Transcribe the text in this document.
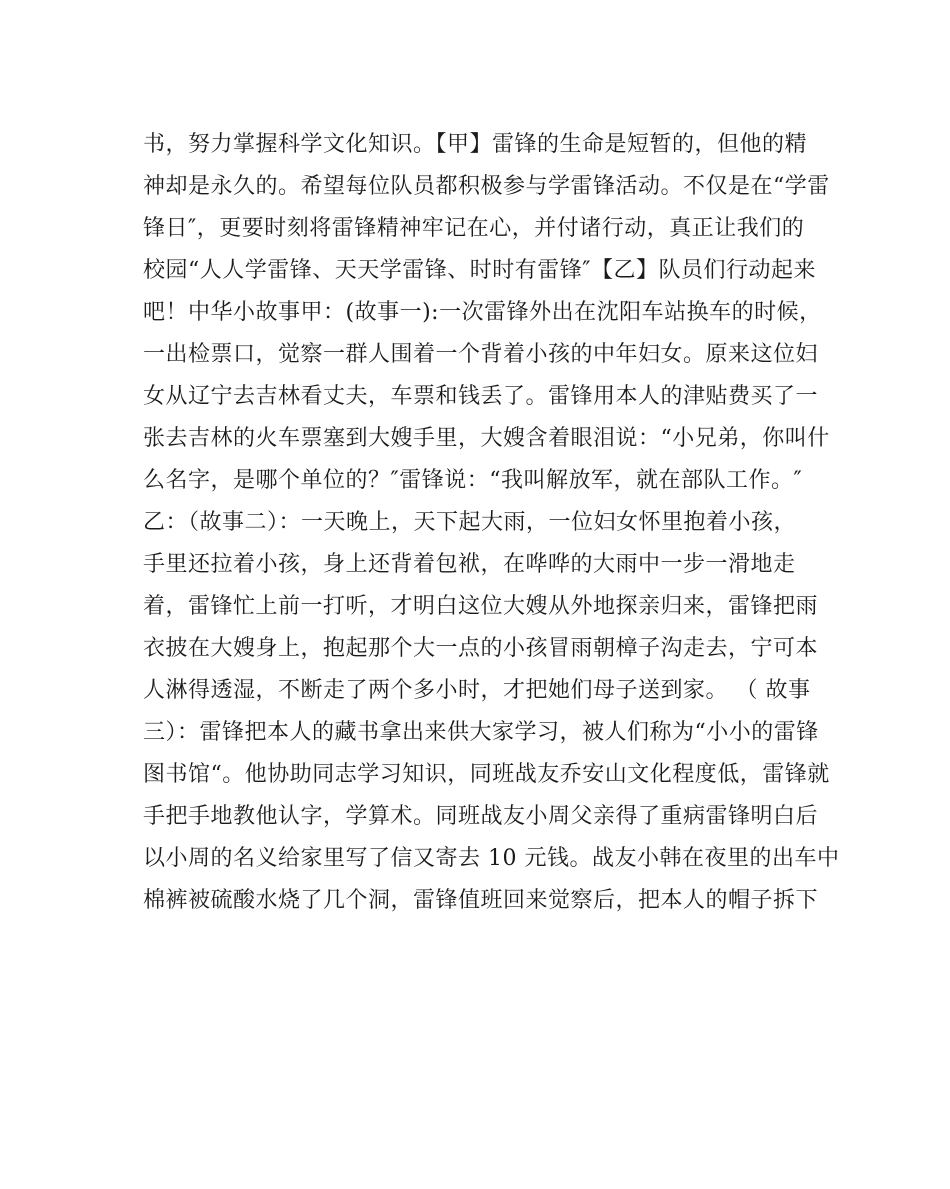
书，努力掌握科学文化知识。【甲】雷锋的生命是短暂的，但他的精
神却是永久的。希望每位队员都积极参与学雷锋活动。不仅是在“学雷
锋日″，更要时刻将雷锋精神牢记在心，并付诸行动，真正让我们的
校园“人人学雷锋、天天学雷锋、时时有雷锋″【乙】队员们行动起来
吧！中华小故事甲：(故事一):一次雷锋外出在沈阳车站换车的时候，
一出检票口，觉察一群人围着一个背着小孩的中年妇女。原来这位妇
女从辽宁去吉林看丈夫，车票和钱丢了。雷锋用本人的津贴费买了一
张去吉林的火车票塞到大嫂手里，大嫂含着眼泪说：“小兄弟，你叫什
么名字，是哪个单位的？″雷锋说：“我叫解放军，就在部队工作。″
乙：（故事二）：一天晚上，天下起大雨，一位妇女怀里抱着小孩，
手里还拉着小孩，身上还背着包袱，在哗哗的大雨中一步一滑地走
着，雷锋忙上前一打听，才明白这位大嫂从外地探亲归来，雷锋把雨
衣披在大嫂身上，抱起那个大一点的小孩冒雨朝樟子沟走去，宁可本
人淋得透湿，不断走了两个多小时，才把她们母子送到家。 （ 故事
三）：雷锋把本人的藏书拿出来供大家学习，被人们称为“小小的雷锋
图书馆“。他协助同志学习知识，同班战友乔安山文化程度低，雷锋就
手把手地教他认字，学算术。同班战友小周父亲得了重病雷锋明白后
以小周的名义给家里写了信又寄去 10 元钱。战友小韩在夜里的出车中
棉裤被硫酸水烧了几个洞，雷锋值班回来觉察后，把本人的帽子拆下
